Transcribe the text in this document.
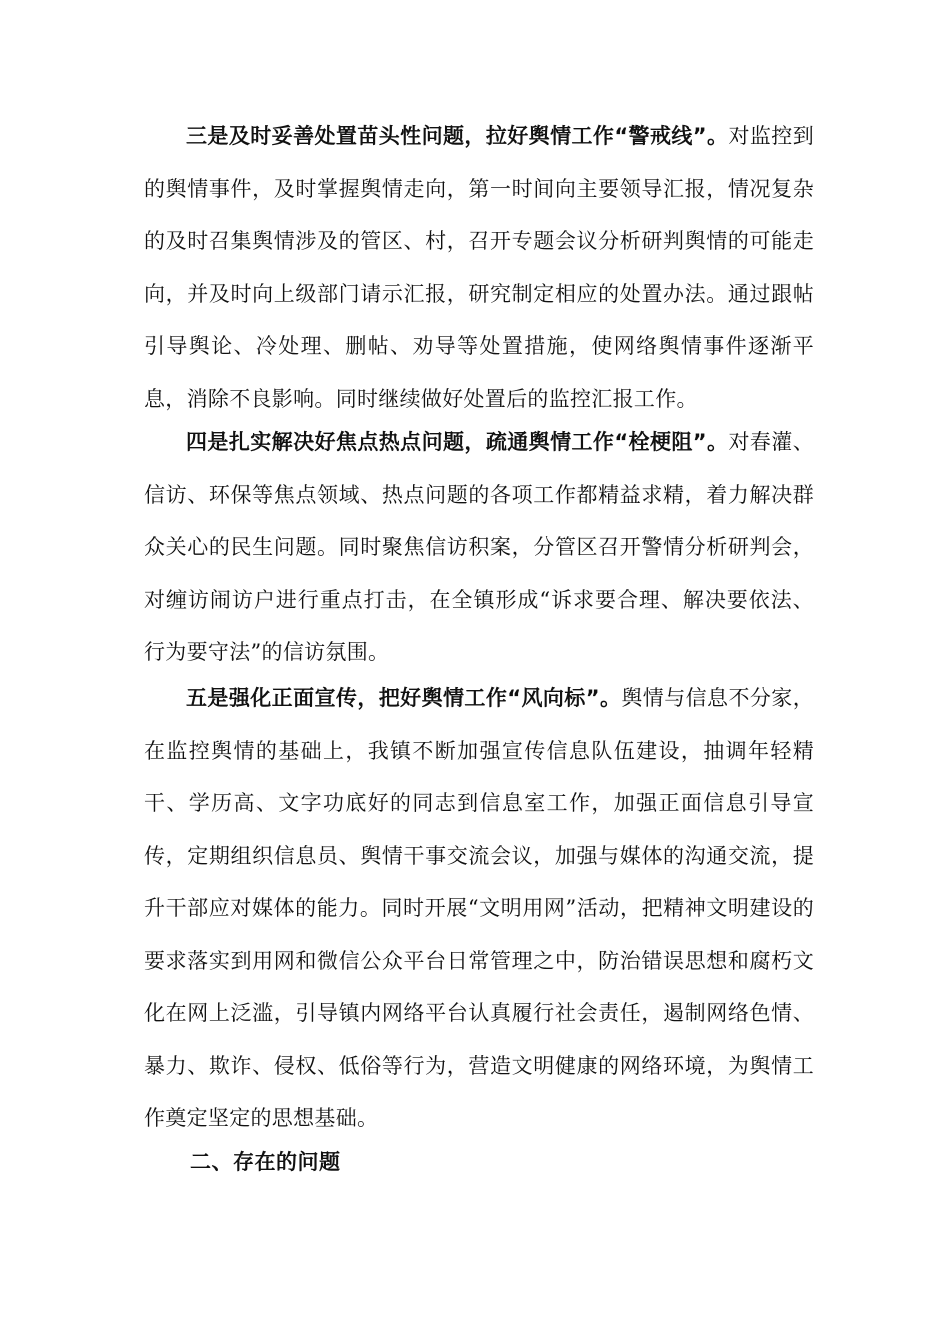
三是及时妥善处置苗头性问题，拉好舆情工作“警戒线”。对监控到的舆情事件，及时掌握舆情走向，第一时间向主要领导汇报，情况复杂的及时召集舆情涉及的管区、村，召开专题会议分析研判舆情的可能走向，并及时向上级部门请示汇报，研究制定相应的处置办法。通过跟帖引导舆论、冷处理、删帖、劝导等处置措施，使网络舆情事件逐渐平息，消除不良影响。同时继续做好处置后的监控汇报工作。

四是扎实解决好焦点热点问题，疏通舆情工作“栓梗阻”。对春灌、信访、环保等焦点领域、热点问题的各项工作都精益求精，着力解决群众关心的民生问题。同时聚焦信访积案，分管区召开警情分析研判会，对缠访闹访户进行重点打击，在全镇形成“诉求要合理、解决要依法、行为要守法”的信访氛围。

五是强化正面宣传，把好舆情工作“风向标”。舆情与信息不分家，在监控舆情的基础上，我镇不断加强宣传信息队伍建设，抽调年轻精干、学历高、文字功底好的同志到信息室工作，加强正面信息引导宣传，定期组织信息员、舆情干事交流会议，加强与媒体的沟通交流，提升干部应对媒体的能力。同时开展“文明用网”活动，把精神文明建设的要求落实到用网和微信公众平台日常管理之中，防治错误思想和腐朽文化在网上泛滥，引导镇内网络平台认真履行社会责任，遏制网络色情、暴力、欺诈、侵权、低俗等行为，营造文明健康的网络环境，为舆情工作奠定坚定的思想基础。

二、存在的问题
